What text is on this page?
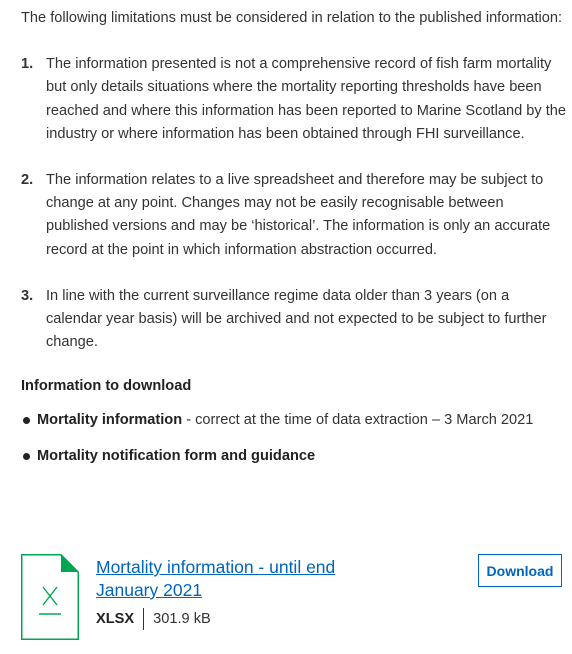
The following limitations must be considered in relation to the published information:

1. The information presented is not a comprehensive record of fish farm mortality but only details situations where the mortality reporting thresholds have been reached and where this information has been reported to Marine Scotland by the industry or where information has been obtained through FHI surveillance.
2. The information relates to a live spreadsheet and therefore may be subject to change at any point. Changes may not be easily recognisable between published versions and may be ‘historical’. The information is only an accurate record at the point in which information abstraction occurred.
3. In line with the current surveillance regime data older than 3 years (on a calendar year basis) will be archived and not expected to be subject to further change.
Information to download
Mortality information - correct at the time of data extraction – 3 March 2021
Mortality notification form and guidance
Mortality information - until end January 2021
XLSX	301.9 kB
Download
